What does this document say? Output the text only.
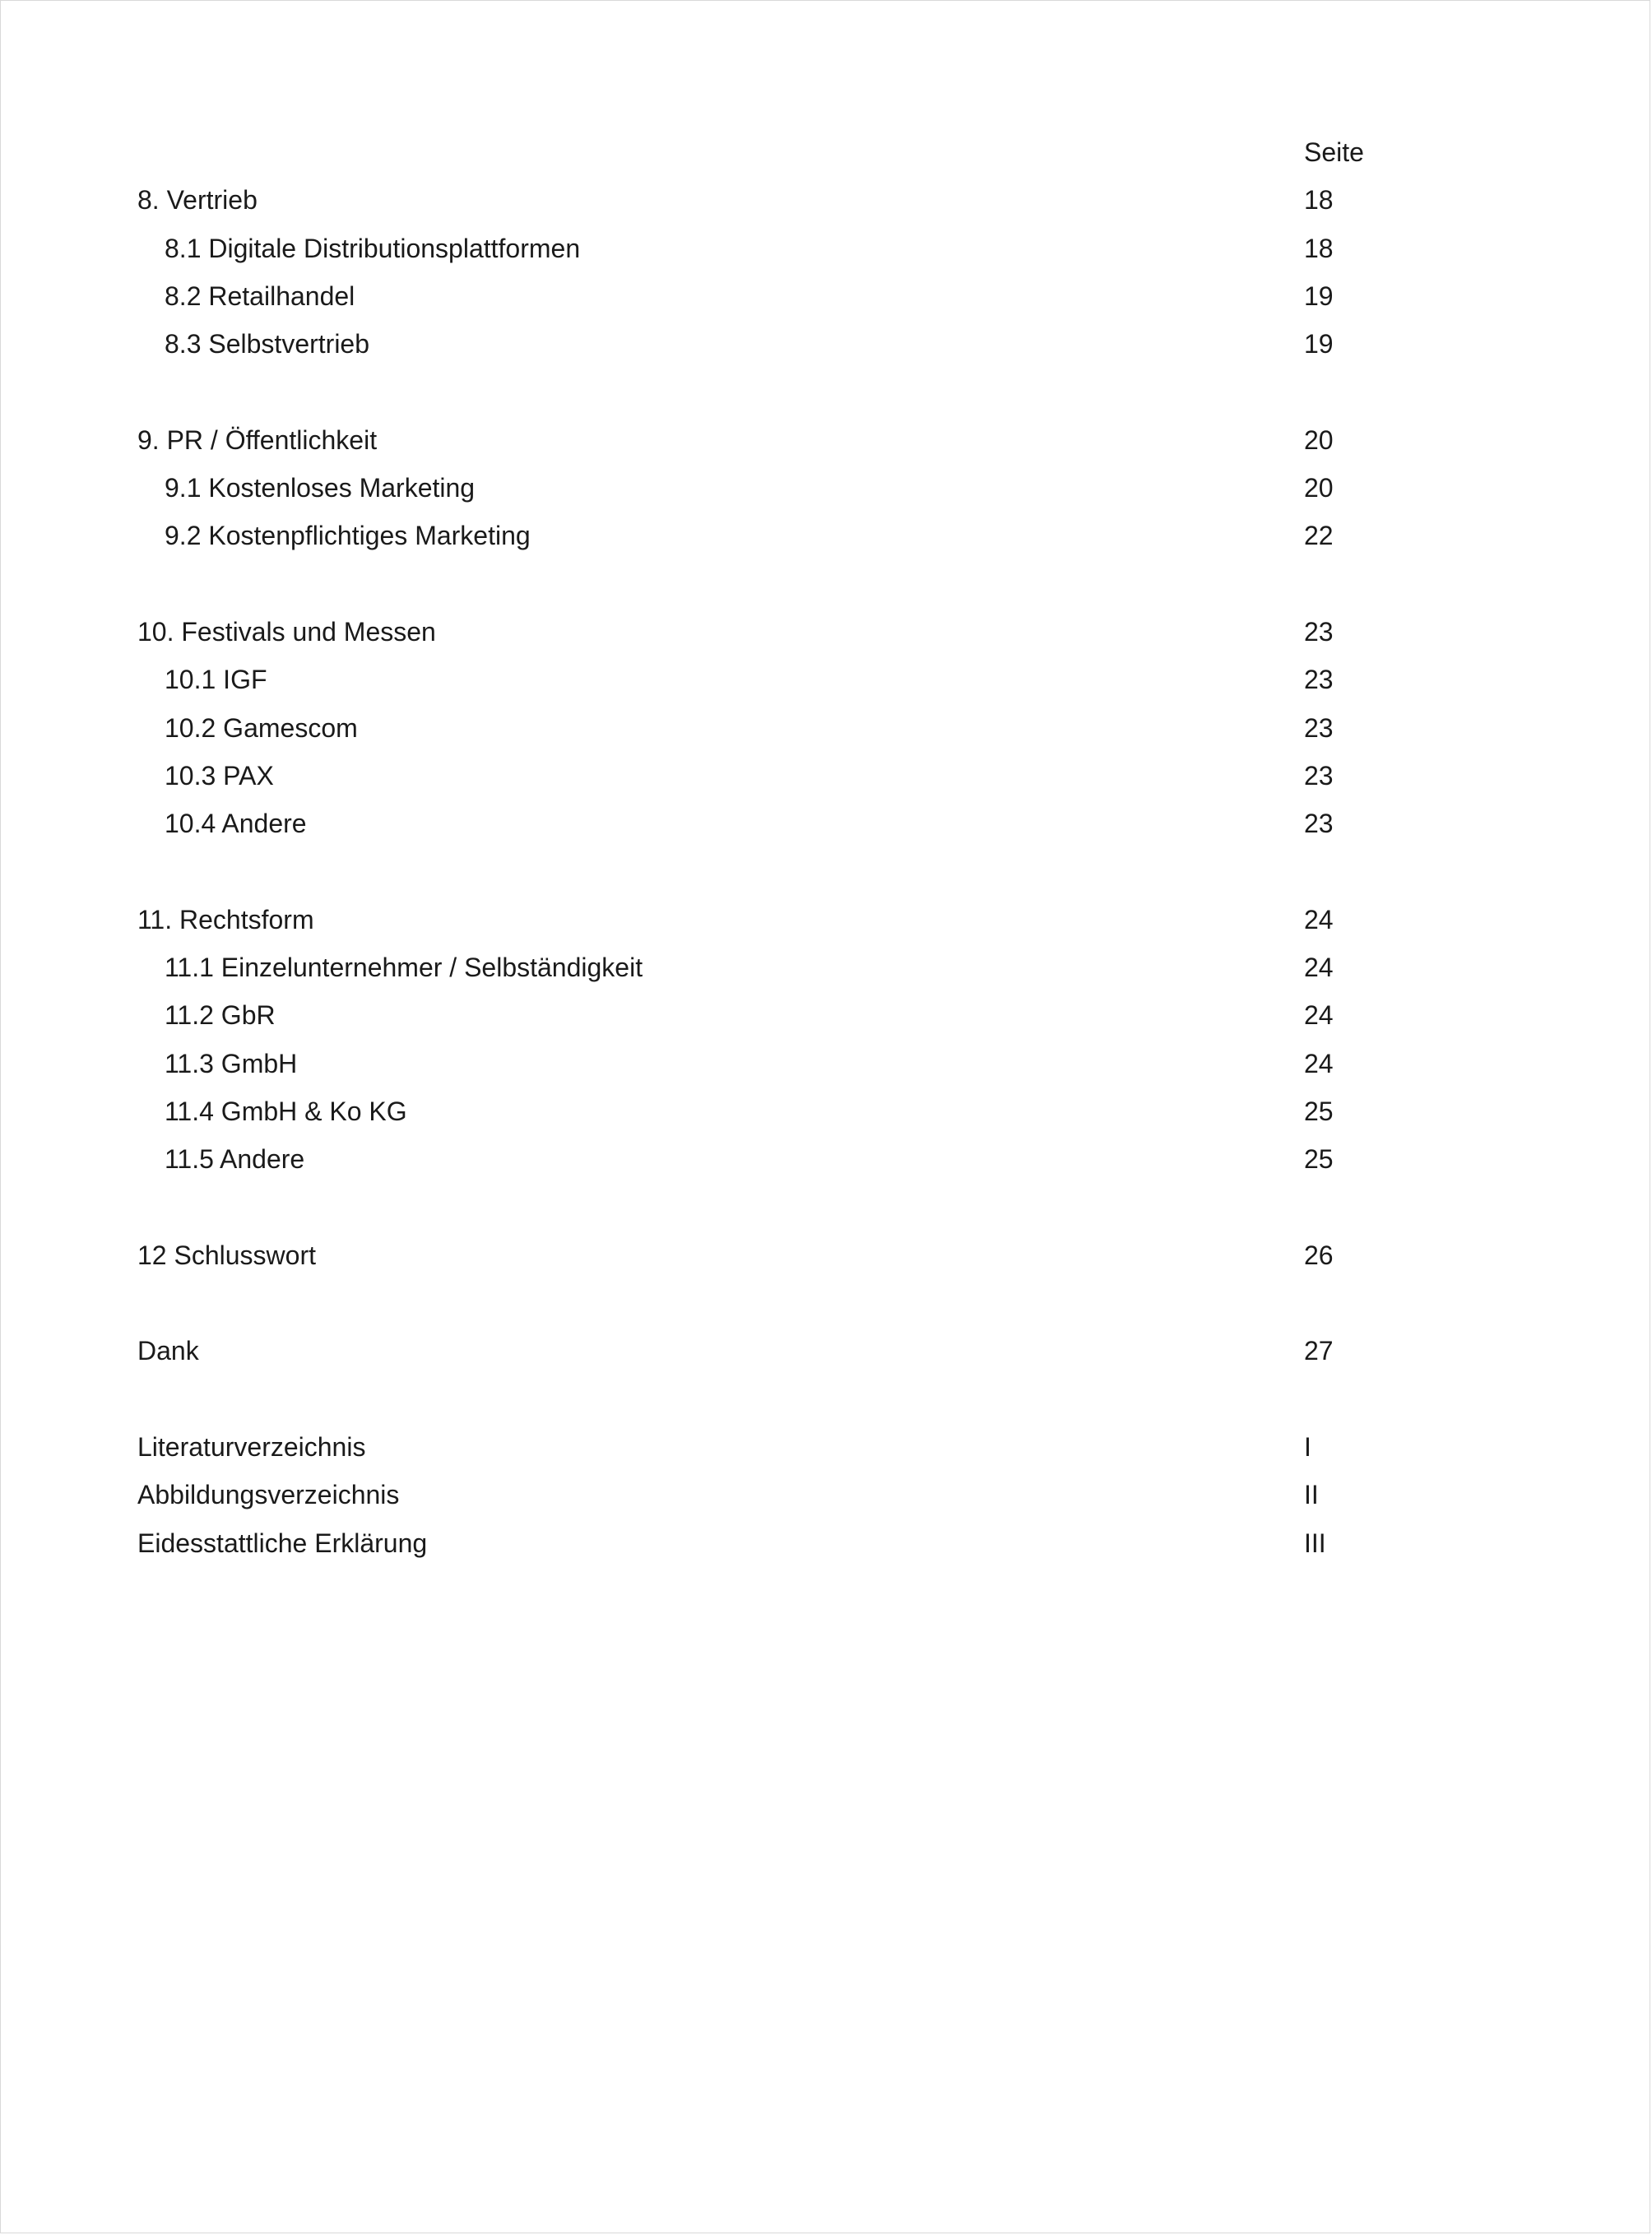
Seite
8. Vertrieb	18
8.1 Digitale Distributionsplattformen	18
8.2 Retailhandel	19
8.3 Selbstvertrieb	19
9. PR / Öffentlichkeit	20
9.1 Kostenloses Marketing	20
9.2 Kostenpflichtiges Marketing	22
10. Festivals und Messen	23
10.1 IGF	23
10.2 Gamescom	23
10.3 PAX	23
10.4 Andere	23
11. Rechtsform	24
11.1 Einzelunternehmer / Selbständigkeit	24
11.2 GbR	24
11.3 GmbH	24
11.4 GmbH & Ko KG	25
11.5 Andere	25
12 Schlusswort	26
Dank	27
Literaturverzeichnis	I
Abbildungsverzeichnis	II
Eidesstattliche Erklärung	III
